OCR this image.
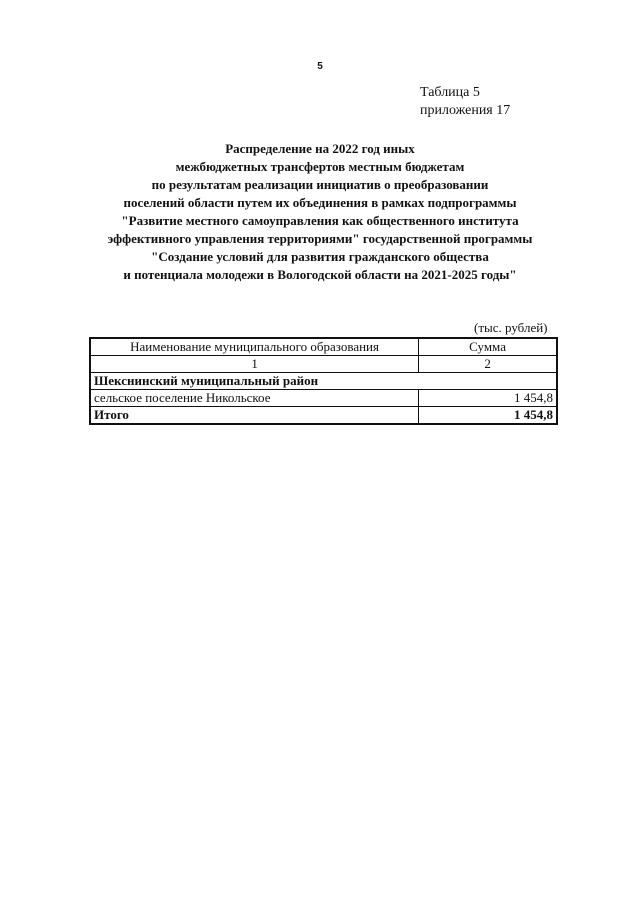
5
Таблица 5
приложения 17
Распределение на 2022 год иных
межбюджетных трансфертов местным бюджетам
по результатам реализации инициатив о преобразовании
поселений области путем их объединения в рамках подпрограммы
"Развитие местного самоуправления как общественного института
эффективного управления территориями" государственной программы
"Создание условий для развития гражданского общества
и потенциала молодежи в Вологодской области на 2021-2025 годы"
(тыс. рублей)
Наименование муниципального образования	Сумма
1	2
Шекснинский муниципальный район	
сельское поселение Никольское	1 454,8
Итого	1 454,8
